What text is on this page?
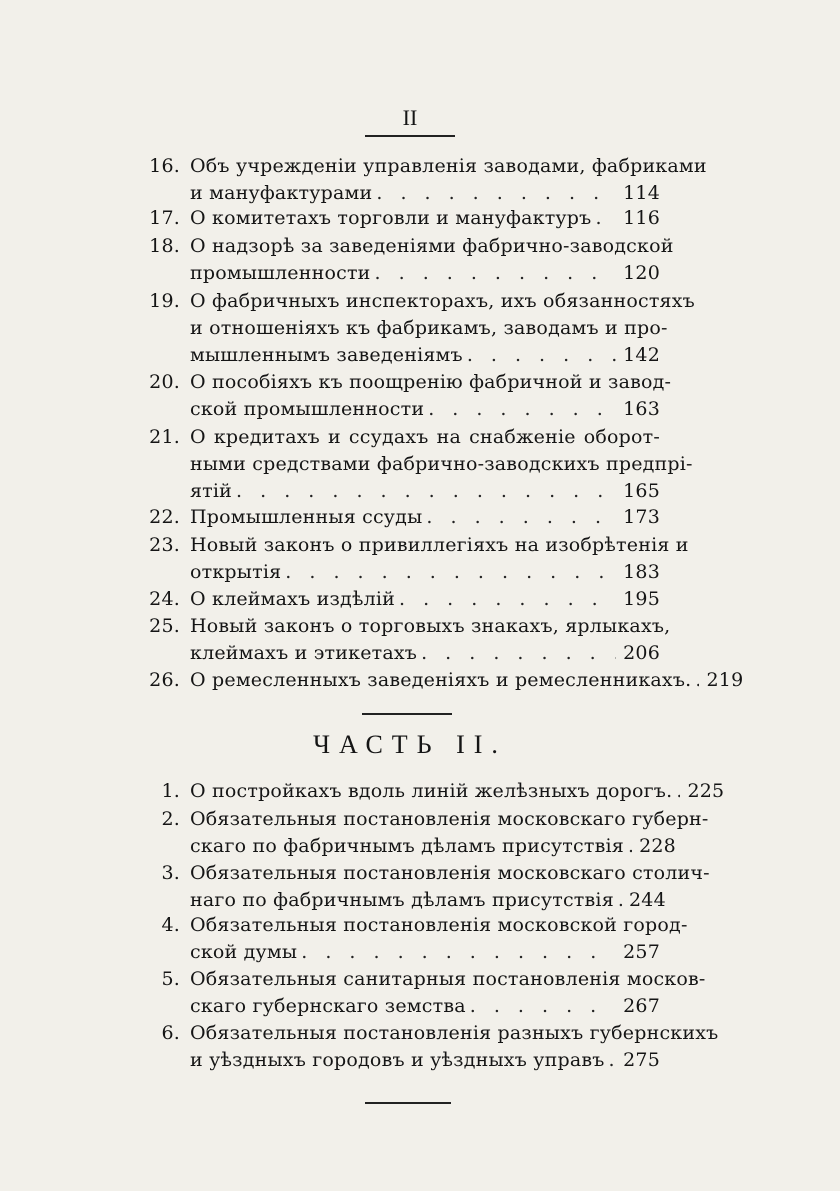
II
16. Объ учрежденіи управленія заводами, фабриками
и мануфактурами . . .	114
17. О комитетахъ торговли и мануфактуръ . . .	116
18. О надзорѣ за заведеніями фабрично-заводской
промышленности . . .	120
19. О фабричныхъ инспекторахъ, ихъ обязанностяхъ
и отношеніяхъ къ фабрикамъ, заводамъ и про-
мышленнымъ заведеніямъ . . .	142
20. О пособіяхъ къ поощренію фабричной и завод-
ской промышленности . . .	163
21. О кредитахъ и ссудахъ на снабженіе оборот-
ными средствами фабрично-заводскихъ предпрі-
ятій . . .	165
22. Промышленныя ссуды . . .	173
23. Новый законъ о привиллегіяхъ на изобрѣтенія и
открытія . . .	183
24. О клеймахъ издѣлій . . .	195
25. Новый законъ о торговыхъ знакахъ, ярлыкахъ,
клеймахъ и этикетахъ . . .	206
26. О ремесленныхъ заведеніяхъ и ремесленникахъ. . . . 219
ЧАСТЬ II.
1. О постройкахъ вдоль линій желѣзныхъ дорогъ. . . . 225
2. Обязательныя постановленія московскаго губерн-
скаго по фабричнымъ дѣламъ присутствія . . . 228
3. Обязательныя постановленія московскаго столич-
наго по фабричнымъ дѣламъ присутствія . . . 244
4. Обязательныя постановленія московской город-
ской думы . . .	257
5. Обязательныя санитарныя постановленія москов-
скаго губернскаго земства . . .	267
6. Обязательныя постановленія разныхъ губернскихъ
и уѣздныхъ городовъ и уѣздныхъ управъ . . . 275
